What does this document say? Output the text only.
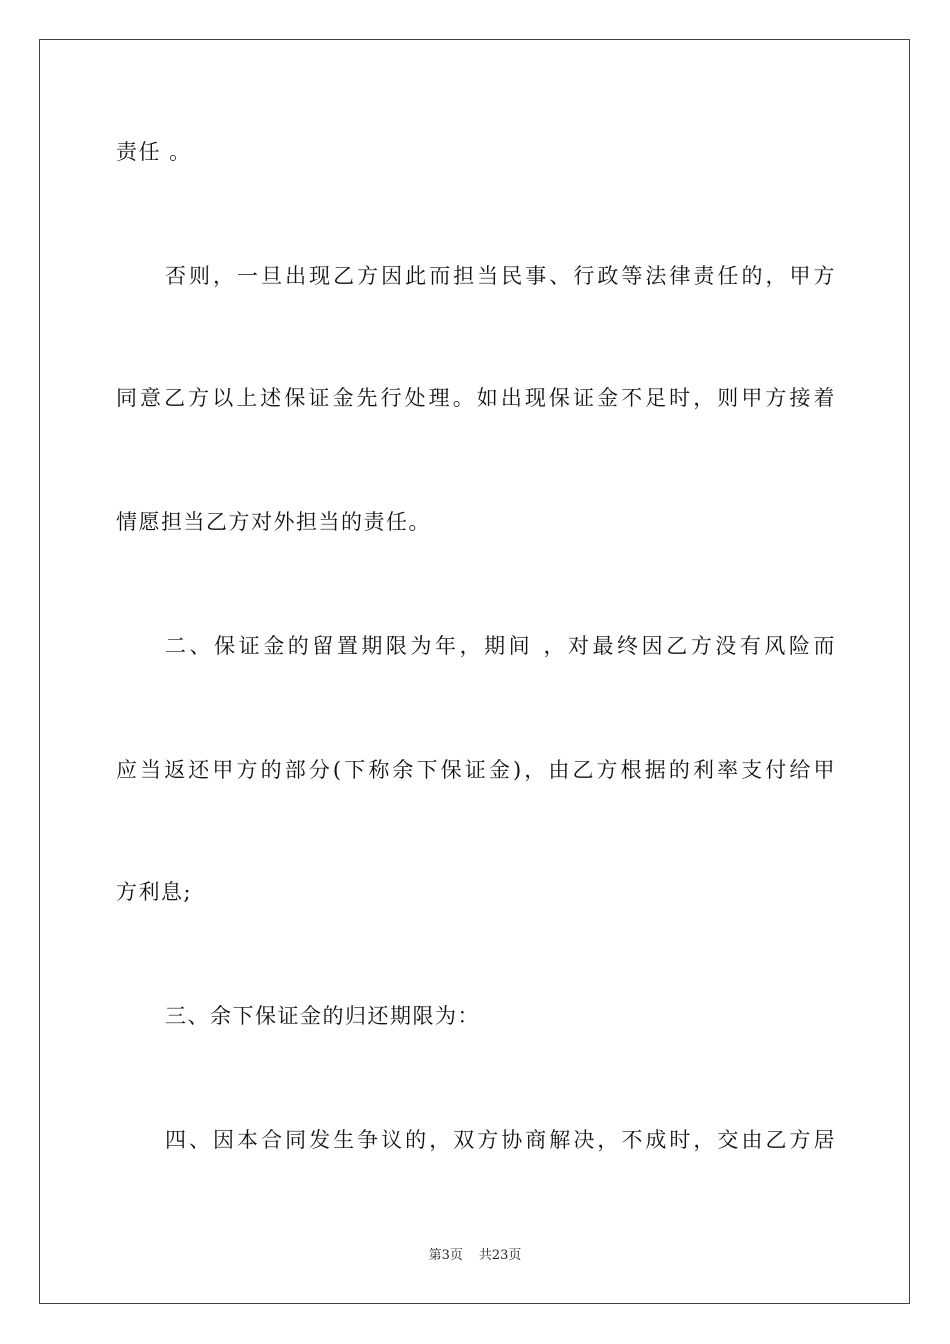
责任 。
否则，一旦出现乙方因此而担当民事、行政等法律责任的，甲方
同意乙方以上述保证金先行处理。如出现保证金不足时，则甲方接着
情愿担当乙方对外担当的责任。
二、保证金的留置期限为年，期间 ，对最终因乙方没有风险而
应当返还甲方的部分(下称余下保证金)，由乙方根据的利率支付给甲
方利息;
三、余下保证金的归还期限为：
四、因本合同发生争议的，双方协商解决，不成时，交由乙方居
第3页 共23页
